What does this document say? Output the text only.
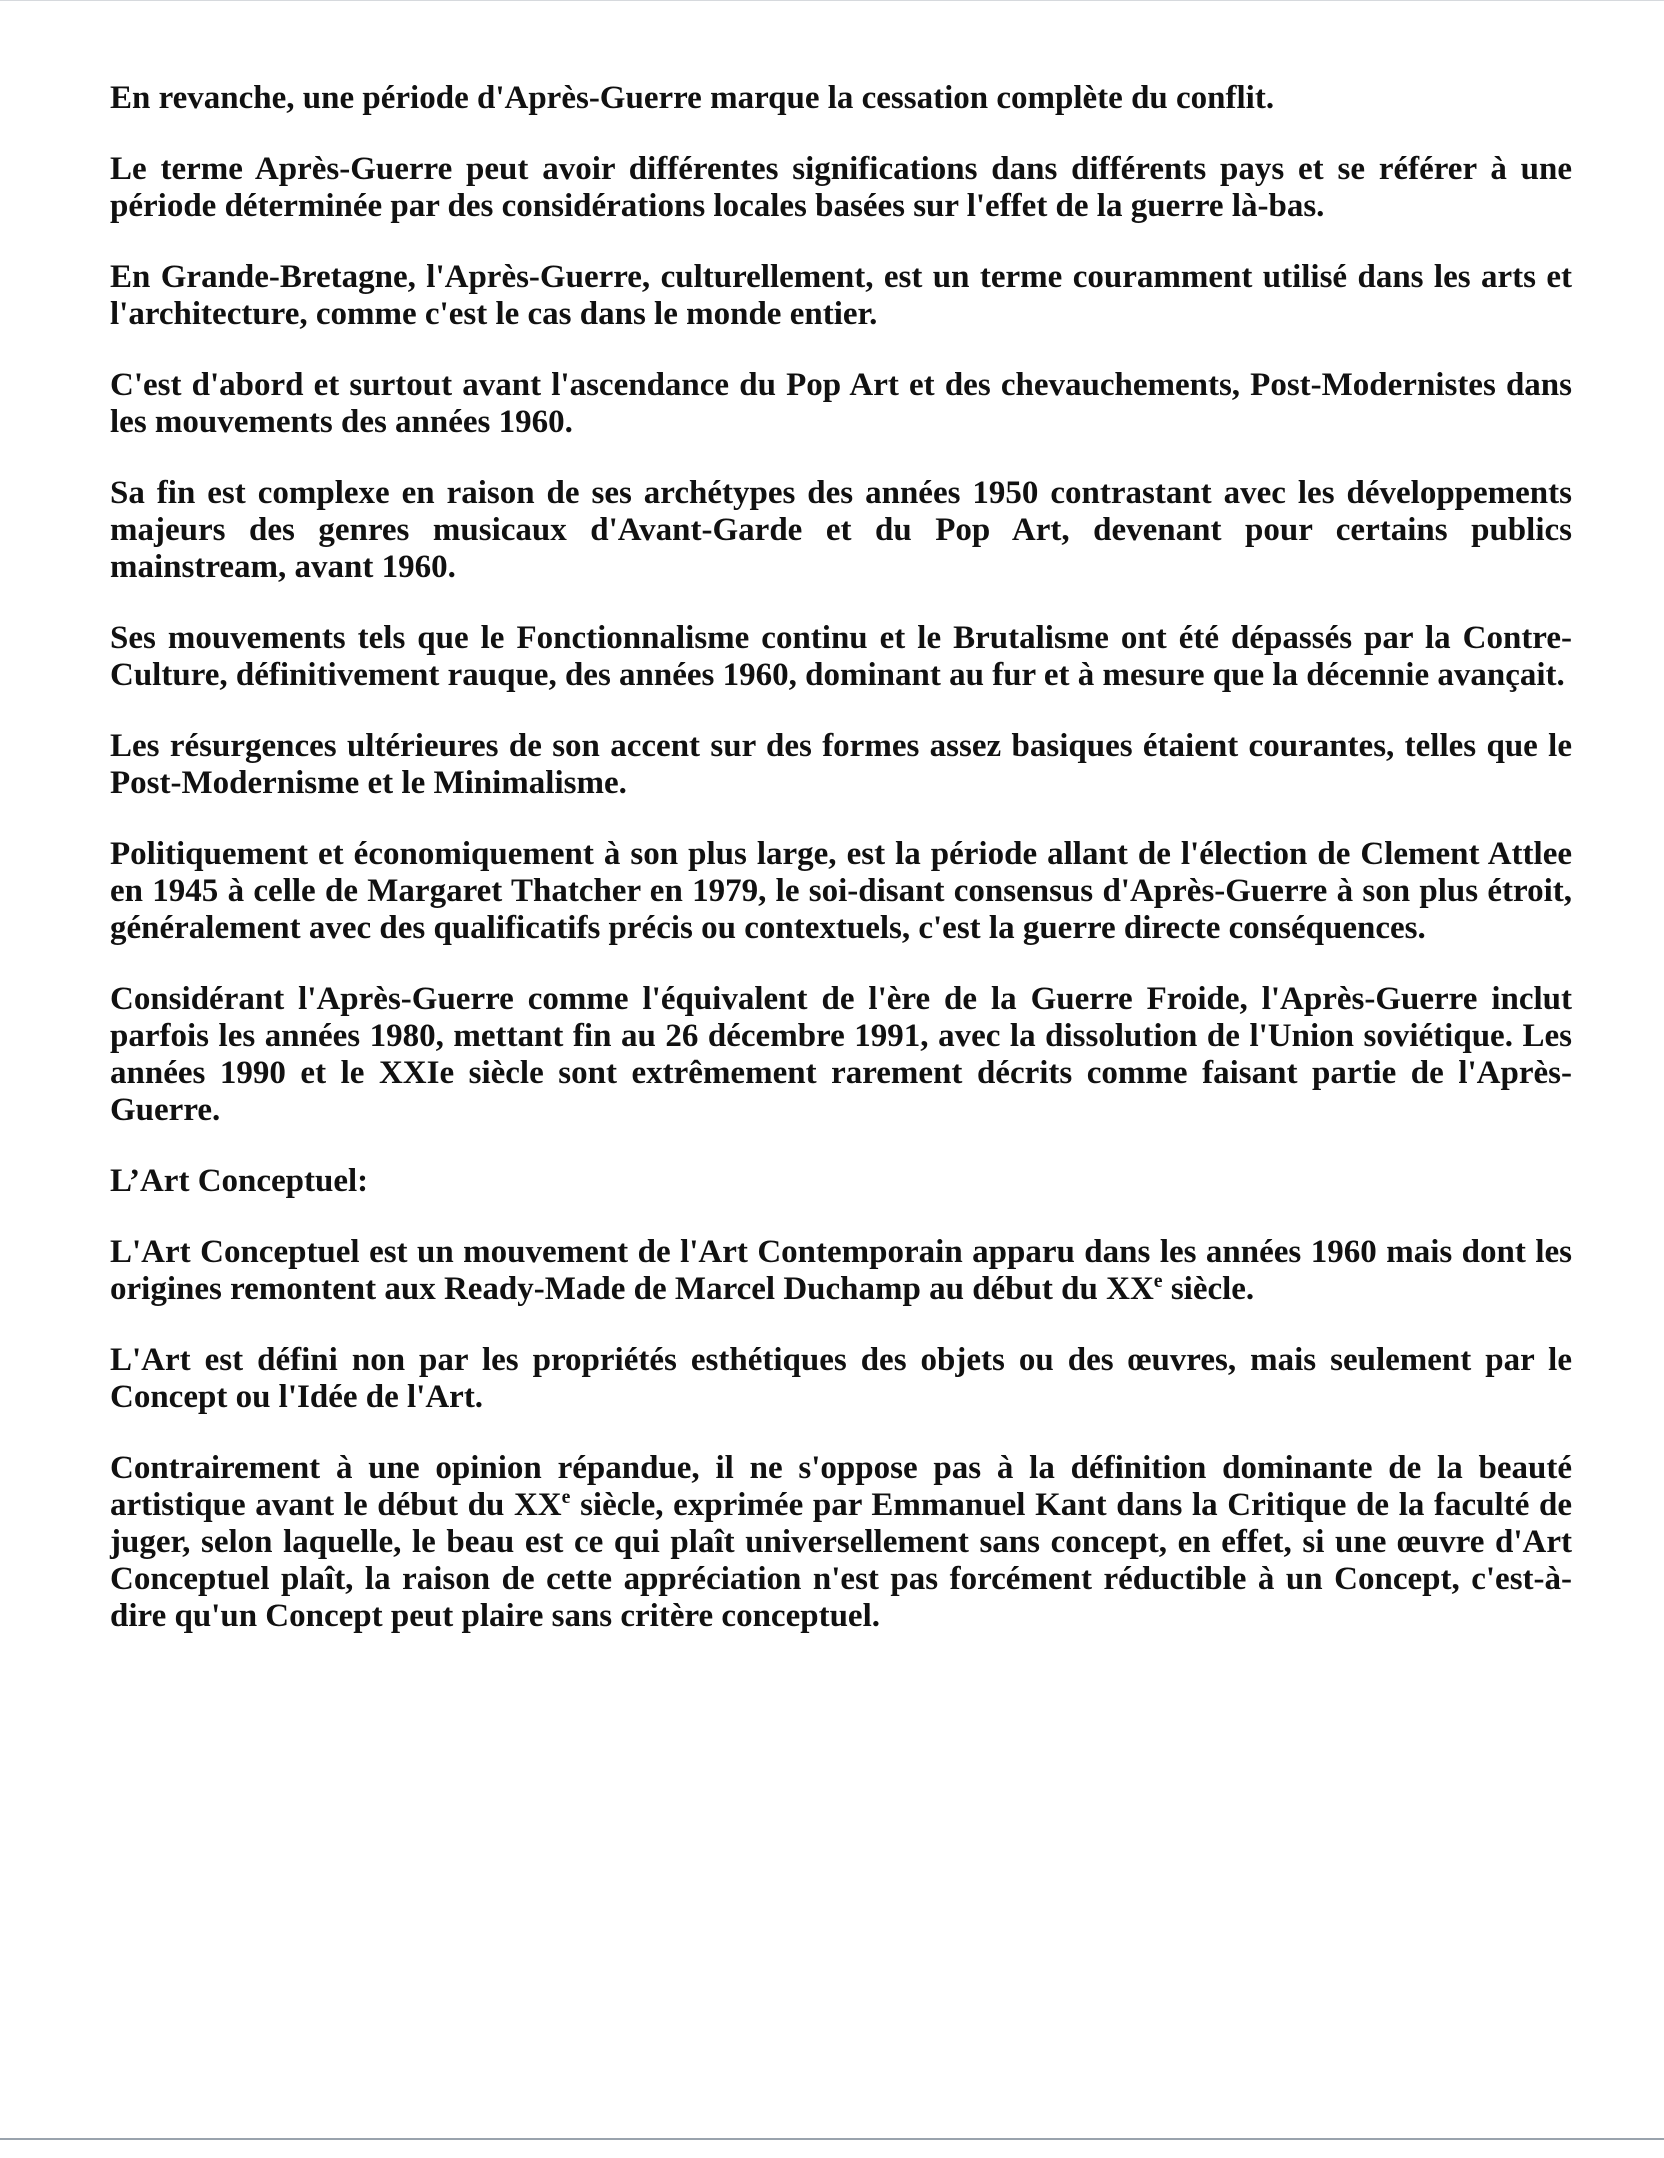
En revanche, une période d'Après-Guerre marque la cessation complète du conflit.

Le terme Après-Guerre peut avoir différentes significations dans différents pays et se référer à une période déterminée par des considérations locales basées sur l'effet de la guerre là-bas.

En Grande-Bretagne, l'Après-Guerre, culturellement, est un terme couramment utilisé dans les arts et l'architecture, comme c'est le cas dans le monde entier.

C'est d'abord et surtout avant l'ascendance du Pop Art et des chevauchements, Post-Modernistes dans les mouvements des années 1960.

Sa fin est complexe en raison de ses archétypes des années 1950 contrastant avec les développements majeurs des genres musicaux d'Avant-Garde et du Pop Art, devenant pour certains publics mainstream, avant 1960.

Ses mouvements tels que le Fonctionnalisme continu et le Brutalisme ont été dépassés par la Contre-Culture, définitivement rauque, des années 1960, dominant au fur et à mesure que la décennie avançait.

Les résurgences ultérieures de son accent sur des formes assez basiques étaient courantes, telles que le Post-Modernisme et le Minimalisme.

Politiquement et économiquement à son plus large, est la période allant de l'élection de Clement Attlee en 1945 à celle de Margaret Thatcher en 1979, le soi-disant consensus d'Après-Guerre à son plus étroit, généralement avec des qualificatifs précis ou contextuels, c'est la guerre directe conséquences.

Considérant l'Après-Guerre comme l'équivalent de l'ère de la Guerre Froide, l'Après-Guerre inclut parfois les années 1980, mettant fin au 26 décembre 1991, avec la dissolution de l'Union soviétique. Les années 1990 et le XXIe siècle sont extrêmement rarement décrits comme faisant partie de l'Après-Guerre.

L’Art Conceptuel:

L'Art Conceptuel est un mouvement de l'Art Contemporain apparu dans les années 1960 mais dont les origines remontent aux Ready-Made de Marcel Duchamp au début du XXe siècle.

L'Art est défini non par les propriétés esthétiques des objets ou des œuvres, mais seulement par le Concept ou l'Idée de l'Art.

Contrairement à une opinion répandue, il ne s'oppose pas à la définition dominante de la beauté artistique avant le début du XXe siècle, exprimée par Emmanuel Kant dans la Critique de la faculté de juger, selon laquelle, le beau est ce qui plaît universellement sans concept, en effet, si une œuvre d'Art Conceptuel plaît, la raison de cette appréciation n'est pas forcément réductible à un Concept, c'est-à-dire qu'un Concept peut plaire sans critère conceptuel.
